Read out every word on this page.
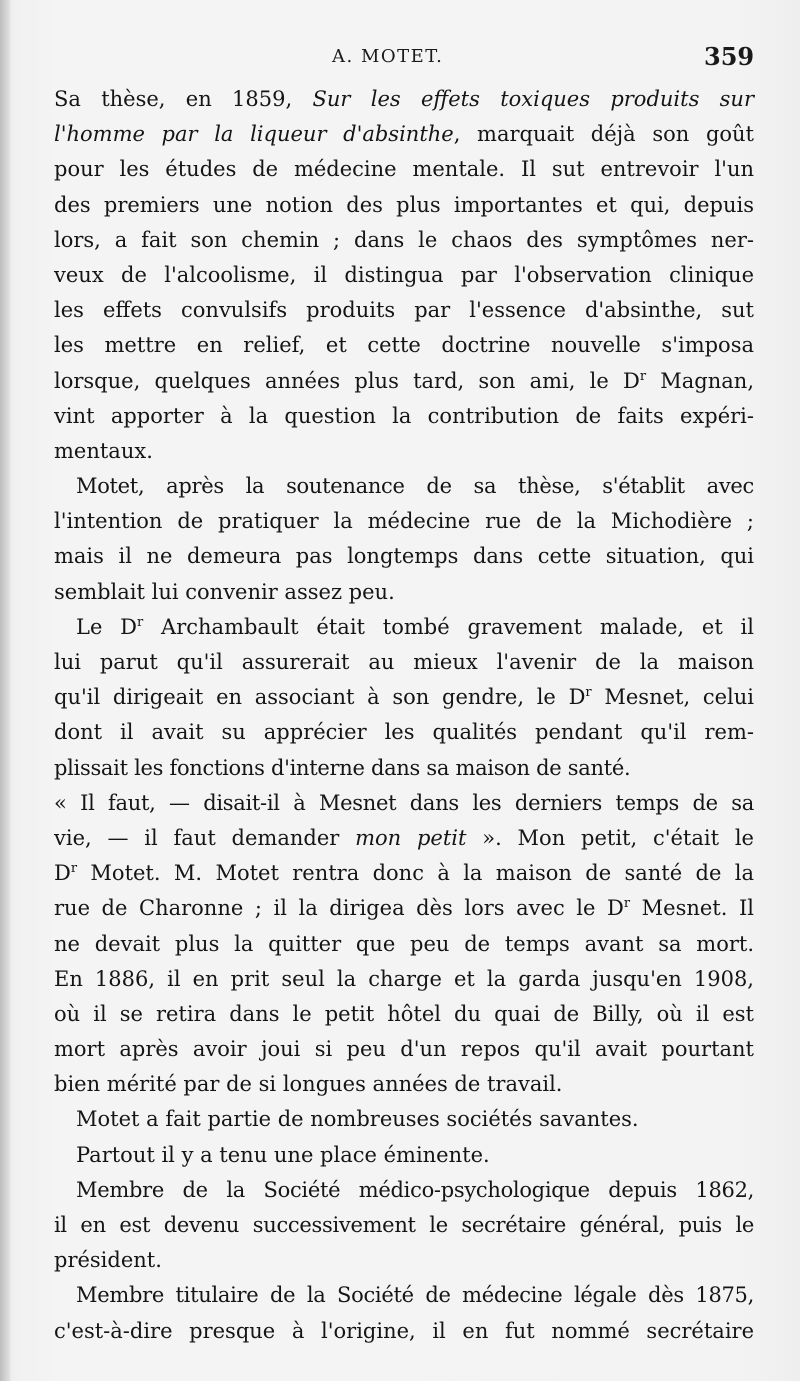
A. MOTET.	359
Sa thèse, en 1859, Sur les effets toxiques produits sur
l'homme par la liqueur d'absinthe, marquait déjà son goût
pour les études de médecine mentale. Il sut entrevoir l'un
des premiers une notion des plus importantes et qui, depuis
lors, a fait son chemin ; dans le chaos des symptômes ner-
veux de l'alcoolisme, il distingua par l'observation clinique
les effets convulsifs produits par l'essence d'absinthe, sut
les mettre en relief, et cette doctrine nouvelle s'imposa
lorsque, quelques années plus tard, son ami, le $D^r$ Magnan,
vint apporter à la question la contribution de faits expéri-
mentaux.
Motet, après la soutenance de sa thèse, s'établit avec
l'intention de pratiquer la médecine rue de la Michodière ;
mais il ne demeura pas longtemps dans cette situation, qui
semblait lui convenir assez peu.
Le $D^r$ Archambault était tombé gravement malade, et il
lui parut qu'il assurerait au mieux l'avenir de la maison
qu'il dirigeait en associant à son gendre, le $D^r$ Mesnet, celui
dont il avait su apprécier les qualités pendant qu'il rem-
plissait les fonctions d'interne dans sa maison de santé.
« Il faut, — disait-il à Mesnet dans les derniers temps de sa
vie, — il faut demander mon petit ». Mon petit, c'était le
$D^r$ Motet. M. Motet rentra donc à la maison de santé de la
rue de Charonne ; il la dirigea dès lors avec le $D^r$ Mesnet. Il
ne devait plus la quitter que peu de temps avant sa mort.
En 1886, il en prit seul la charge et la garda jusqu'en 1908,
où il se retira dans le petit hôtel du quai de Billy, où il est
mort après avoir joui si peu d'un repos qu'il avait pourtant
bien mérité par de si longues années de travail.
Motet a fait partie de nombreuses sociétés savantes.
Partout il y a tenu une place éminente.
Membre de la Société médico-psychologique depuis 1862,
il en est devenu successivement le secrétaire général, puis le
président.
Membre titulaire de la Société de médecine légale dès 1875,
c'est-à-dire presque à l'origine, il en fut nommé secrétaire
